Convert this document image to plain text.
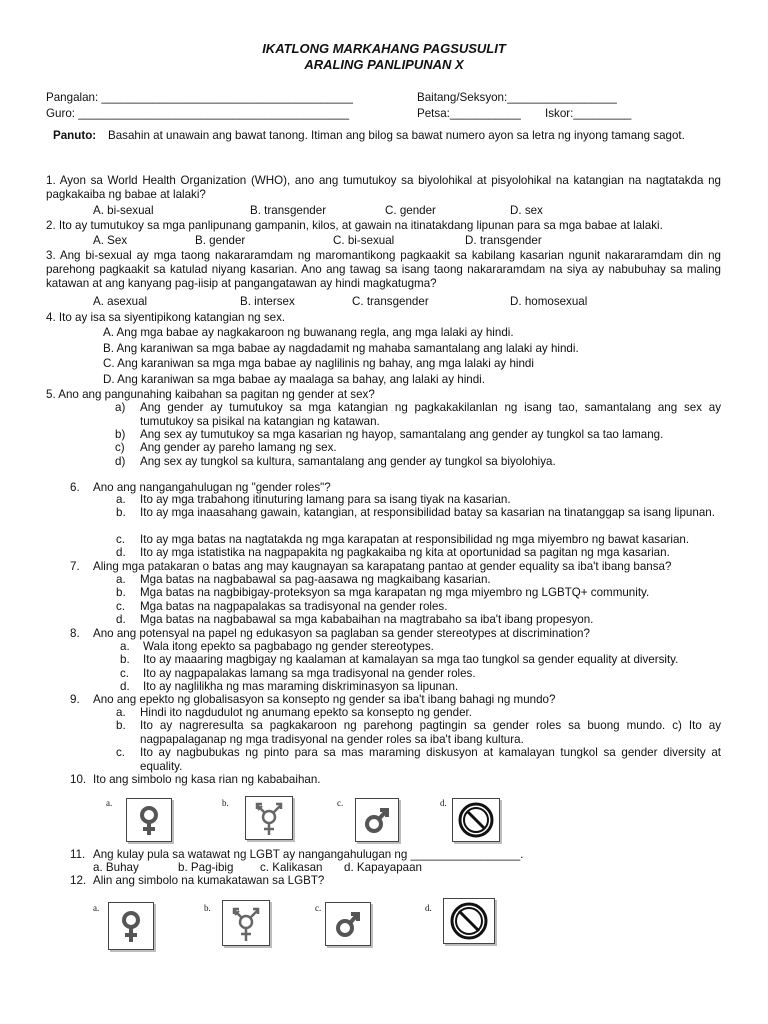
IKATLONG MARKAHANG PAGSUSULIT
ARALING PANLIPUNAN X
Pangalan: _______________________________________	Baitang/Seksyon:_________________
Guro: __________________________________________	Petsa:___________ Iskor:_________
Panuto: Basahin at unawain ang bawat tanong. Itiman ang bilog sa bawat numero ayon sa letra ng inyong tamang sagot.
1. Ayon sa World Health Organization (WHO), ano ang tumutukoy sa biyolohikal at pisyolohikal na katangian na nagtatakda ng pagkakaiba ng babae at lalaki?
A. bi-sexual	B. transgender	C. gender	D. sex
2. Ito ay tumutukoy sa mga panlipunang gampanin, kilos, at gawain na itinatakdang lipunan para sa mga babae at lalaki.
A. Sex	B. gender	C. bi-sexual	D. transgender
3. Ang bi-sexual ay mga taong nakararamdam ng maromantikong pagkaakit sa kabilang kasarian ngunit nakararamdam din ng parehong pagkaakit sa katulad niyang kasarian. Ano ang tawag sa isang taong nakararamdam na siya ay nabubuhay sa maling katawan at ang kanyang pag-iisip at pangangatawan ay hindi magkatugma?
A. asexual	B. intersex	C. transgender	D. homosexual
4. Ito ay isa sa siyentipikong katangian ng sex.
A. Ang mga babae ay nagkakaroon ng buwanang regla, ang mga lalaki ay hindi.
B. Ang karaniwan sa mga babae ay nagdadamit ng mahaba samantalang ang lalaki ay hindi.
C. Ang karaniwan sa mga mga babae ay naglilinis ng bahay, ang mga lalaki ay hindi
D. Ang karaniwan sa mga babae ay maalaga sa bahay, ang lalaki ay hindi.
5. Ano ang pangunahing kaibahan sa pagitan ng gender at sex?
a) Ang gender ay tumutukoy sa mga katangian ng pagkakakilanlan ng isang tao, samantalang ang sex ay tumutukoy sa pisikal na katangian ng katawan.
b) Ang sex ay tumutukoy sa mga kasarian ng hayop, samantalang ang gender ay tungkol sa tao lamang.
c) Ang gender ay pareho lamang ng sex.
d) Ang sex ay tungkol sa kultura, samantalang ang gender ay tungkol sa biyolohiya.
6. Ano ang nangangahulugan ng "gender roles"?
a. Ito ay mga trabahong itinuturing lamang para sa isang tiyak na kasarian.
b. Ito ay mga inaasahang gawain, katangian, at responsibilidad batay sa kasarian na tinatanggap sa isang lipunan.
c. Ito ay mga batas na nagtatakda ng mga karapatan at responsibilidad ng mga miyembro ng bawat kasarian.
d. Ito ay mga istatistika na nagpapakita ng pagkakaiba ng kita at oportunidad sa pagitan ng mga kasarian.
7. Aling mga patakaran o batas ang may kaugnayan sa karapatang pantao at gender equality sa iba't ibang bansa?
a. Mga batas na nagbabawal sa pag-aasawa ng magkaibang kasarian.
b. Mga batas na nagbibigay-proteksyon sa mga karapatan ng mga miyembro ng LGBTQ+ community.
c. Mga batas na nagpapalakas sa tradisyonal na gender roles.
d. Mga batas na nagbabawal sa mga kababaihan na magtrabaho sa iba't ibang propesyon.
8. Ano ang potensyal na papel ng edukasyon sa paglaban sa gender stereotypes at discrimination?
a. Wala itong epekto sa pagbabago ng gender stereotypes.
b. Ito ay maaaring magbigay ng kaalaman at kamalayan sa mga tao tungkol sa gender equality at diversity.
c. Ito ay nagpapalakas lamang sa mga tradisyonal na gender roles.
d. Ito ay naglilikha ng mas maraming diskriminasyon sa lipunan.
9. Ano ang epekto ng globalisasyon sa konsepto ng gender sa iba't ibang bahagi ng mundo?
a. Hindi ito nagdudulot ng anumang epekto sa konsepto ng gender.
b. Ito ay nagreresulta sa pagkakaroon ng parehong pagtingin sa gender roles sa buong mundo. c) Ito ay nagpapalaganap ng mga tradisyonal na gender roles sa iba't ibang kultura.
c. Ito ay nagbubukas ng pinto para sa mas maraming diskusyon at kamalayan tungkol sa gender diversity at equality.
10. Ito ang simbolo ng kasa rian ng kababaihan.
a.	b.	c.	d.
11. Ang kulay pula sa watawat ng LGBT ay nangangahulugan ng _________________.
a. Buhay	b. Pag-ibig c. Kalikasan d. Kapayapaan
12. Alin ang simbolo na kumakatawan sa LGBT?
a.	b.	c.	d.
